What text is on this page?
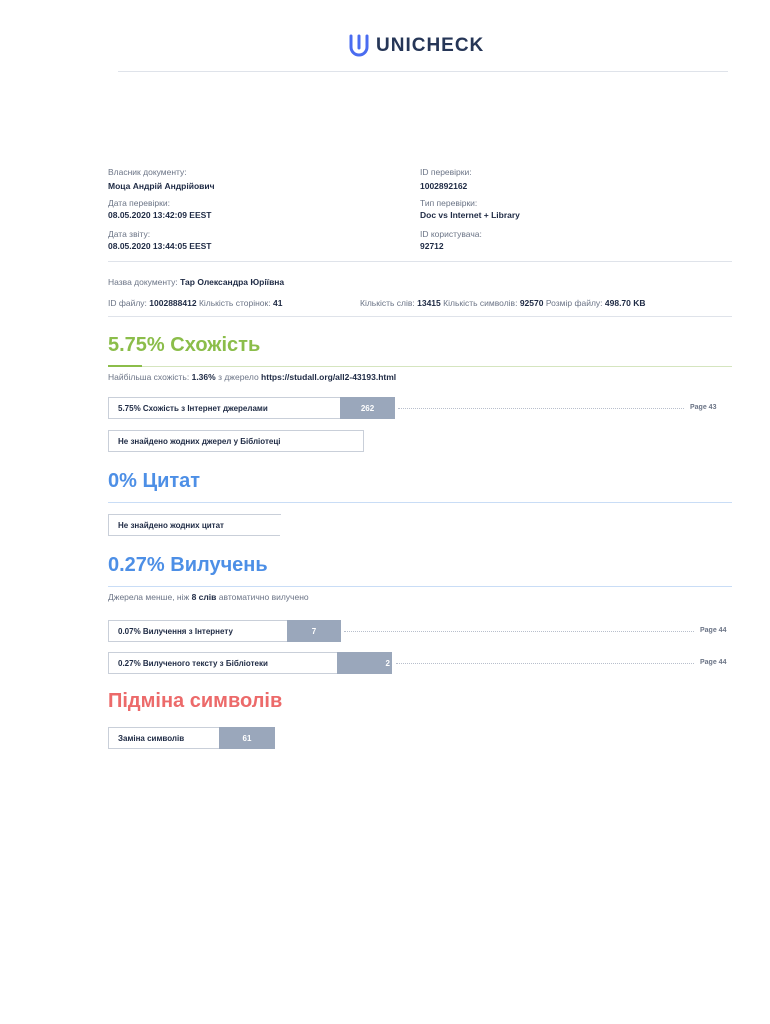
UNICHECK
Власник документу:
Моца Андрій Андрійович
Дата перевірки:
08.05.2020 13:42:09 EEST
Дата звіту:
08.05.2020 13:44:05 EEST
ID перевірки:
1002892162
Тип перевірки:
Doc vs Internet + Library
ID користувача:
92712
Назва документу: Тар Олександра Юріївна
ID файлу: 1002888412 Кількість сторінок: 41	Кількість слів: 13415 Кількість символів: 92570 Розмір файлу: 498.70 KB
5.75% Схожість
Найбільша схожість: 1.36% з джерело https://studall.org/all2-43193.html
5.75% Схожість з Інтернет джерелами	262	Page 43
Не знайдено жодних джерел у Бібліотеці
0% Цитат
Не знайдено жодних цитат
0.27% Вилучень
Джерела менше, ніж 8 слів автоматично вилучено
0.07% Вилучення з Інтернету	7	Page 44
0.27% Вилученого тексту з Бібліотеки	2	Page 44
Підміна символів
Заміна символів	61
